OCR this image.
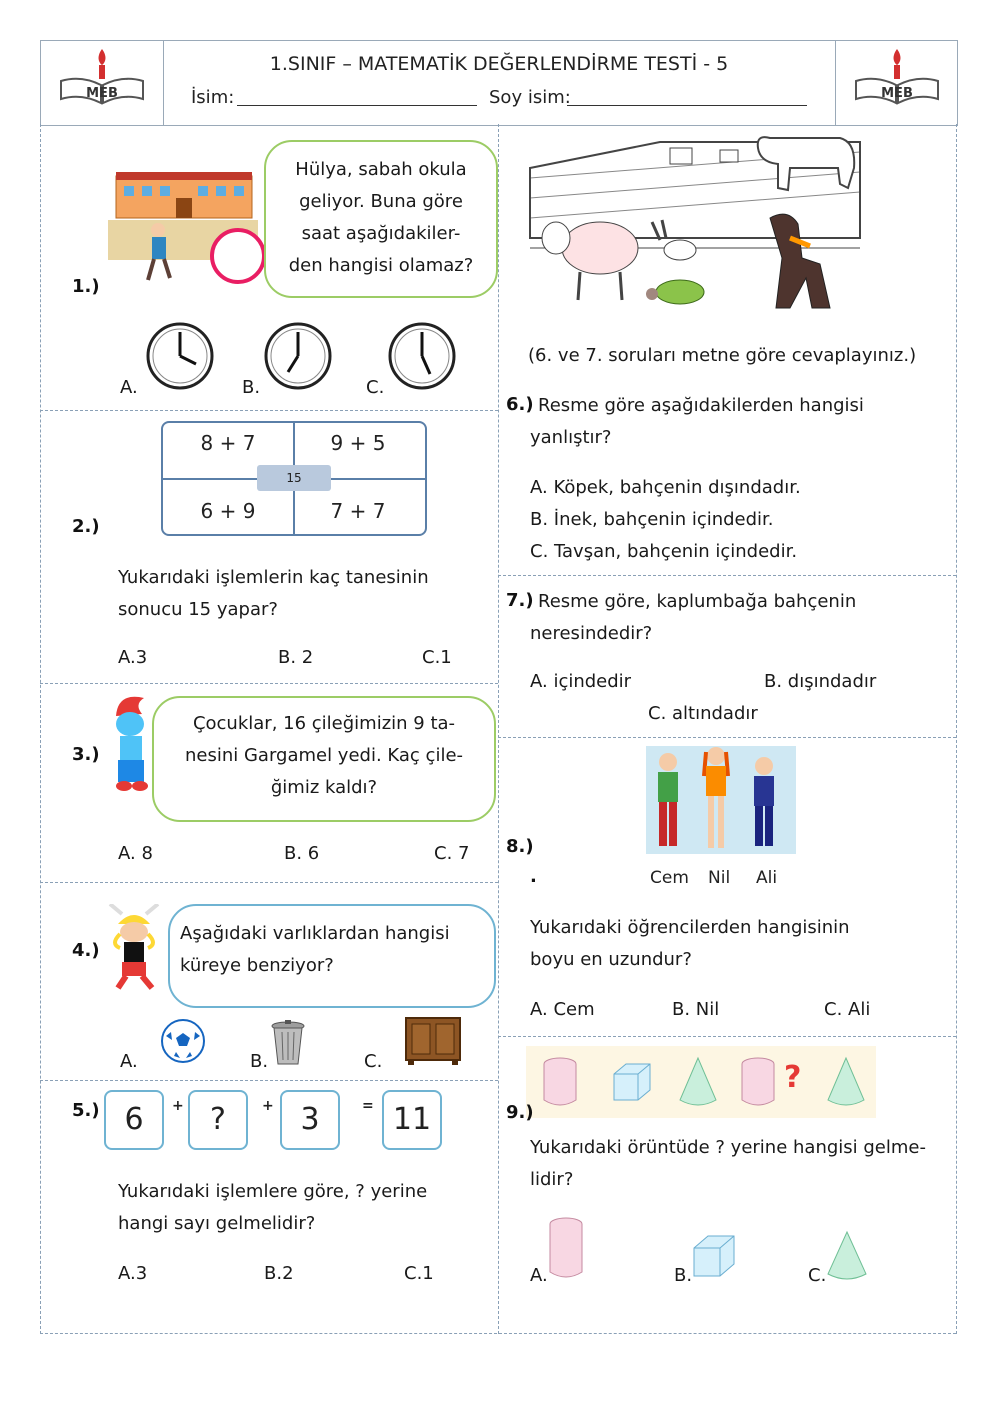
MEB
1.SINIF – MATEMATİK DEĞERLENDİRME TESTİ - 5
İsim:	Soy isim:	MEB
1.)
Hülya, sabah okula
geliyor. Buna göre
saat aşağıdakiler-
den hangisi olamaz?
A.	B.	C.
2.)
8 + 7	9 + 5
6 + 9	7 + 7
15
Yukarıdaki işlemlerin kaç tanesinin
sonucu 15 yapar?
A.3	B. 2	C.1
3.)
Çocuklar, 16 çileğimizin 9 ta-
nesini Gargamel yedi. Kaç çile-
ğimiz kaldı?
A. 8	B. 6	C. 7
4.)
Aşağıdaki varlıklardan hangisi
küreye benziyor?
A.	B.	C.
5.) 6	+ ?	+ 3	= 11
Yukarıdaki işlemlere göre, ? yerine
hangi sayı gelmelidir?
A.3	B.2	C.1
(6. ve 7. soruları metne göre cevaplayınız.)
6.) Resme göre aşağıdakilerden hangisi
yanlıştır?
A. Köpek, bahçenin dışındadır.
B. İnek, bahçenin içindedir.
C. Tavşan, bahçenin içindedir.
7.) Resme göre, kaplumbağa bahçenin
neresindedir?
A. içindedir	B. dışındadır
C. altındadır
8.)
.	Cem Nil Ali
Yukarıdaki öğrencilerden hangisinin
boyu en uzundur?
A. Cem	B. Nil	C. Ali
?
9.)
Yukarıdaki örüntüde ? yerine hangisi gelme-
lidir?
A.	B.	C.
